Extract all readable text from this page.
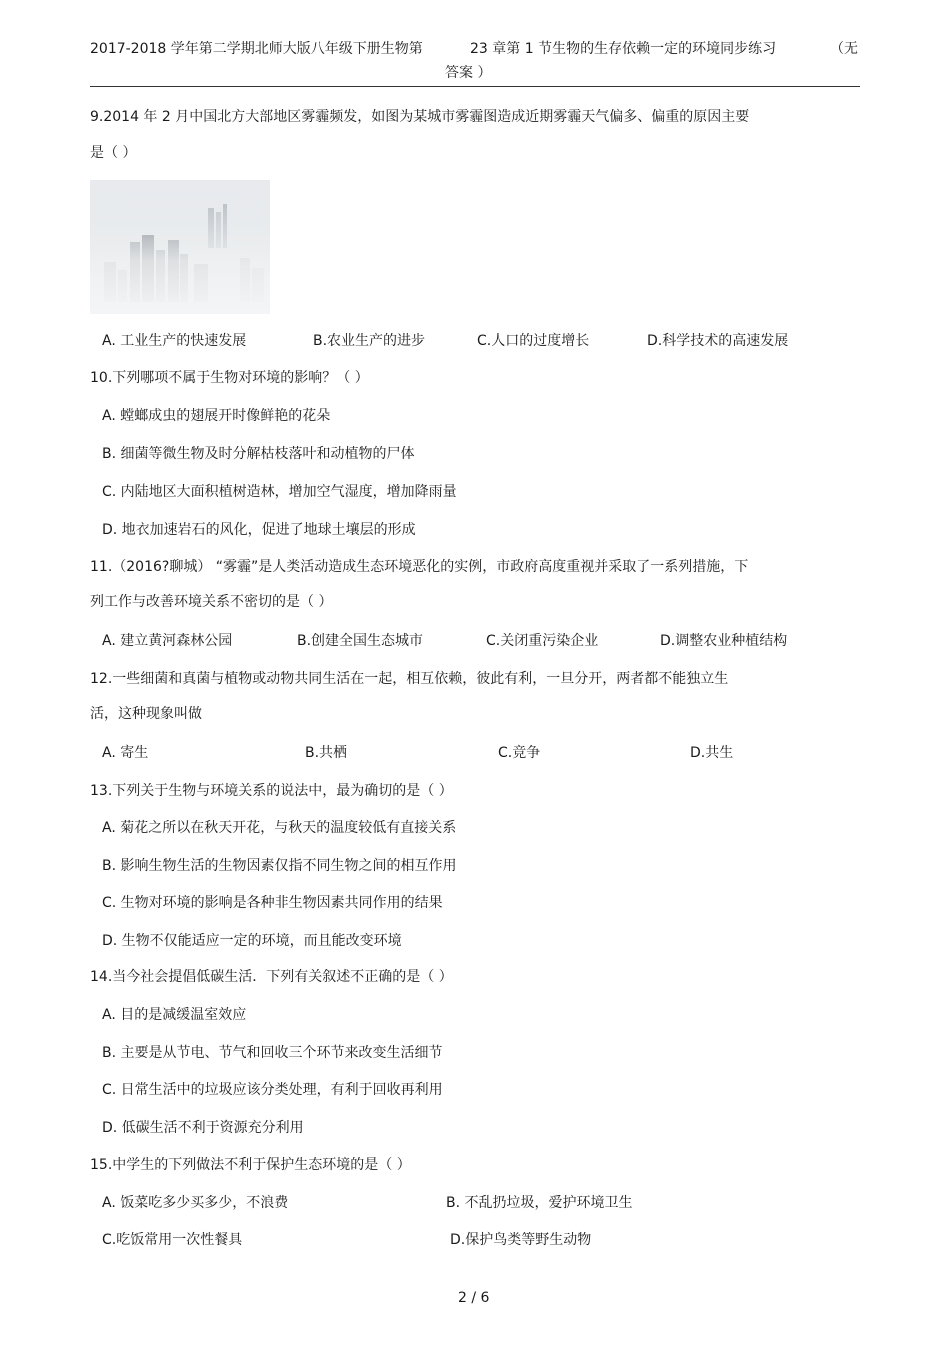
2017-2018 学年第二学期北师大版八年级下册生物第	23 章第 1 节生物的生存依赖一定的环境同步练习	（无
答案 ）
9.2014 年 2 月中国北方大部地区雾霾频发，如图为某城市雾霾图造成近期雾霾天气偏多、偏重的原因主要
是（ ）
A. 工业生产的快速发展	B.农业生产的进步	C.人口的过度增长	D.科学技术的高速发展
10.下列哪项不属于生物对环境的影响？（ ）
A. 螳螂成虫的翅展开时像鲜艳的花朵
B. 细菌等微生物及时分解枯枝落叶和动植物的尸体
C. 内陆地区大面积植树造林，增加空气湿度，增加降雨量
D. 地衣加速岩石的风化，促进了地球土壤层的形成
11.（2016?聊城） “雾霾”是人类活动造成生态环境恶化的实例，市政府高度重视并采取了一系列措施，下
列工作与改善环境关系不密切的是（ ）
A. 建立黄河森林公园	B.创建全国生态城市	C.关闭重污染企业	D.调整农业种植结构
12.一些细菌和真菌与植物或动物共同生活在一起，相互依赖，彼此有利，一旦分开，两者都不能独立生
活，这种现象叫做
A. 寄生	B.共栖	C.竞争	D.共生
13.下列关于生物与环境关系的说法中，最为确切的是（ ）
A. 菊花之所以在秋天开花，与秋天的温度较低有直接关系
B. 影响生物生活的生物因素仅指不同生物之间的相互作用
C. 生物对环境的影响是各种非生物因素共同作用的结果
D. 生物不仅能适应一定的环境，而且能改变环境
14.当今社会提倡低碳生活．下列有关叙述不正确的是（ ）
A. 目的是减缓温室效应
B. 主要是从节电、节气和回收三个环节来改变生活细节
C. 日常生活中的垃圾应该分类处理，有利于回收再利用
D. 低碳生活不利于资源充分利用
15.中学生的下列做法不利于保护生态环境的是（ ）
A. 饭菜吃多少买多少，不浪费	B. 不乱扔垃圾，爱护环境卫生
C.吃饭常用一次性餐具	D.保护鸟类等野生动物
2 / 6
